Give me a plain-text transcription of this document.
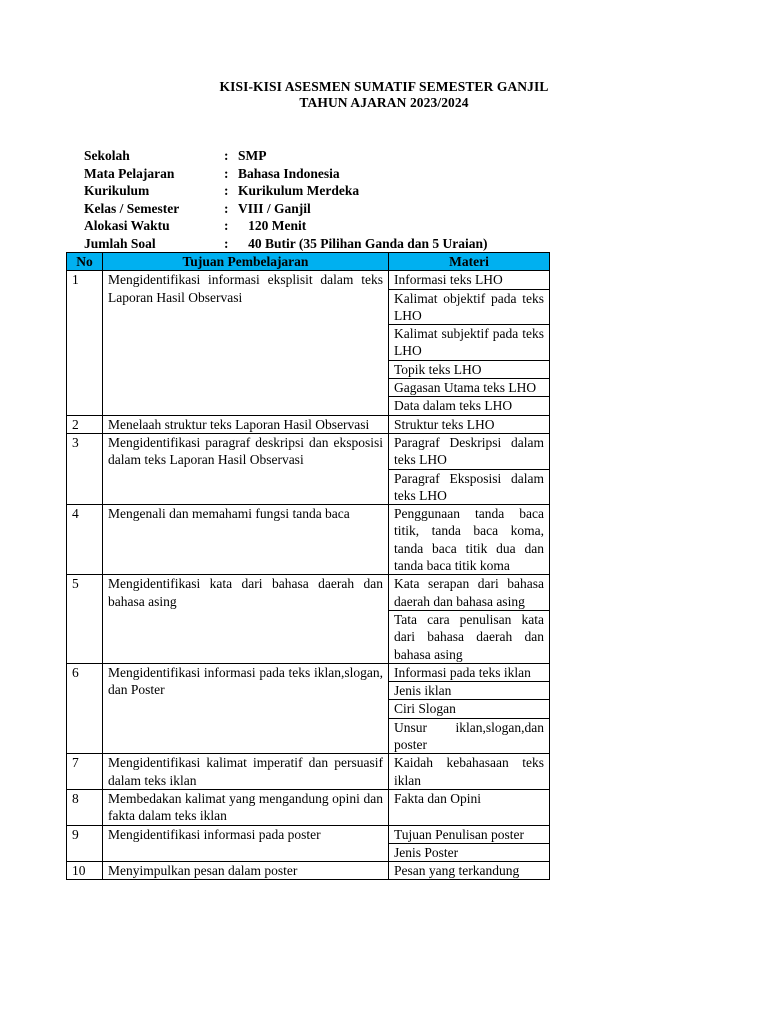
KISI-KISI ASESMEN SUMATIF SEMESTER GANJIL
TAHUN AJARAN 2023/2024
Sekolah	:	SMP
Mata Pelajaran	:	Bahasa Indonesia
Kurikulum	:	Kurikulum Merdeka
Kelas / Semester	:	VIII / Ganjil
Alokasi Waktu	:	120 Menit
Jumlah Soal	:	40 Butir (35 Pilihan Ganda dan 5 Uraian)
No	Tujuan Pembelajaran	Materi
1	Mengidentifikasi informasi eksplisit dalam teks Laporan Hasil Observasi	Informasi teks LHO
		Kalimat objektif pada teks LHO
		Kalimat subjektif pada teks LHO
		Topik teks LHO
		Gagasan Utama teks LHO
		Data dalam teks LHO
2	Menelaah struktur teks Laporan Hasil Observasi	Struktur teks LHO
3	Mengidentifikasi paragraf deskripsi dan eksposisi dalam teks Laporan Hasil Observasi	Paragraf Deskripsi dalam teks LHO
		Paragraf Eksposisi dalam teks LHO
4	Mengenali dan memahami fungsi tanda baca	Penggunaan tanda baca titik, tanda baca koma, tanda baca titik dua dan tanda baca titik koma
5	Mengidentifikasi kata dari bahasa daerah dan bahasa asing	Kata serapan dari bahasa daerah dan bahasa asing
		Tata cara penulisan kata dari bahasa daerah dan bahasa asing
6	Mengidentifikasi informasi pada teks iklan,slogan, dan Poster	Informasi pada teks iklan
		Jenis iklan
		Ciri Slogan
		Unsur iklan,slogan,dan poster
7	Mengidentifikasi kalimat imperatif dan persuasif dalam teks iklan	Kaidah kebahasaan teks iklan
8	Membedakan kalimat yang mengandung opini dan fakta dalam teks iklan	Fakta dan Opini
9	Mengidentifikasi informasi pada poster	Tujuan Penulisan poster
		Jenis Poster
10	Menyimpulkan pesan dalam poster	Pesan yang terkandung
